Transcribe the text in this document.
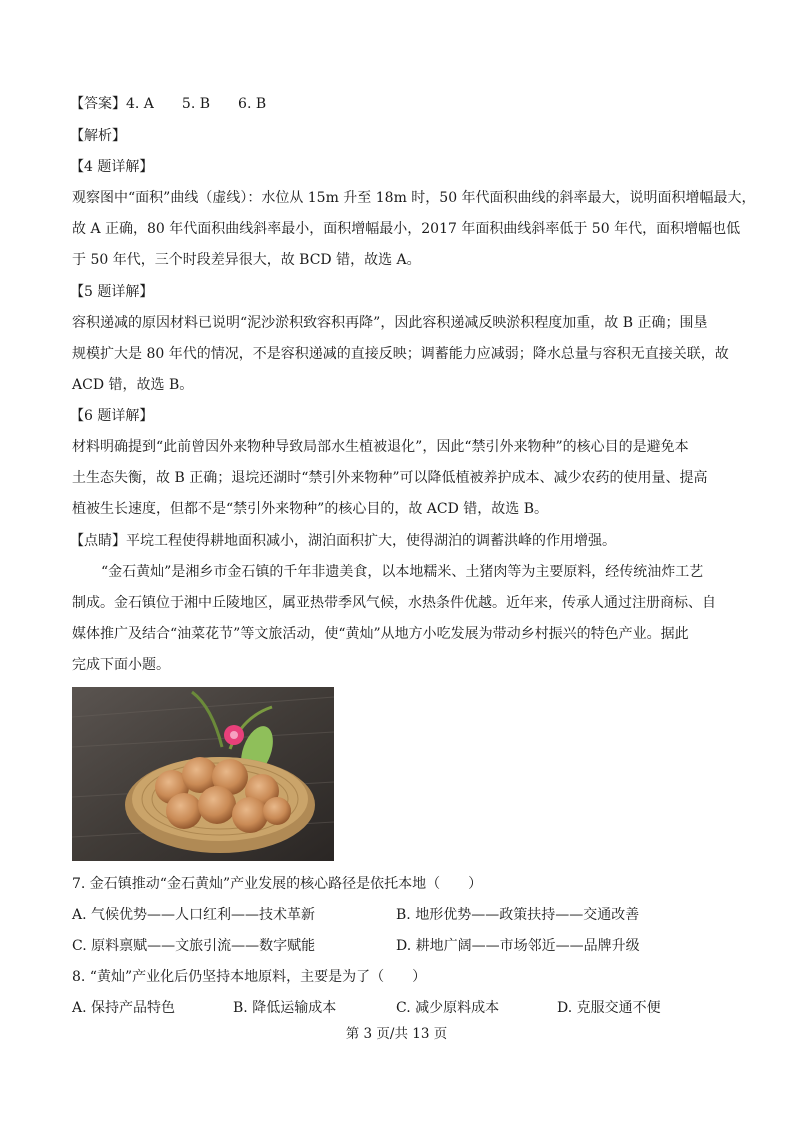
【答案】4. A 5. B 6. B
【解析】
【4 题详解】
观察图中“面积”曲线（虚线）：水位从 15m 升至 18m 时，50 年代面积曲线的斜率最大，说明面积增幅最大，
故 A 正确，80 年代面积曲线斜率最小，面积增幅最小，2017 年面积曲线斜率低于 50 年代，面积增幅也低
于 50 年代，三个时段差异很大，故 BCD 错，故选 A。
【5 题详解】
容积递减的原因材料已说明“泥沙淤积致容积再降”，因此容积递减反映淤积程度加重，故 B 正确；围垦
规模扩大是 80 年代的情况，不是容积递减的直接反映；调蓄能力应减弱；降水总量与容积无直接关联，故
ACD 错，故选 B。
【6 题详解】
材料明确提到“此前曾因外来物种导致局部水生植被退化”，因此“禁引外来物种”的核心目的是避免本
土生态失衡，故 B 正确；退垸还湖时“禁引外来物种”可以降低植被养护成本、减少农药的使用量、提高
植被生长速度，但都不是“禁引外来物种”的核心目的，故 ACD 错，故选 B。
【点睛】平垸工程使得耕地面积减小，湖泊面积扩大，使得湖泊的调蓄洪峰的作用增强。
“金石黄灿”是湘乡市金石镇的千年非遗美食，以本地糯米、土猪肉等为主要原料，经传统油炸工艺
制成。金石镇位于湘中丘陵地区，属亚热带季风气候，水热条件优越。近年来，传承人通过注册商标、自
媒体推广及结合“油菜花节”等文旅活动，使“黄灿”从地方小吃发展为带动乡村振兴的特色产业。据此
完成下面小题。
7. 金石镇推动“金石黄灿”产业发展的核心路径是依托本地（　　）
A. 气候优势——人口红利——技术革新	B. 地形优势——政策扶持——交通改善
C. 原料禀赋——文旅引流——数字赋能	D. 耕地广阔——市场邻近——品牌升级
8. “黄灿”产业化后仍坚持本地原料，主要是为了（　　）
A. 保持产品特色	B. 降低运输成本	C. 减少原料成本	D. 克服交通不便
第 3 页/共 13 页
